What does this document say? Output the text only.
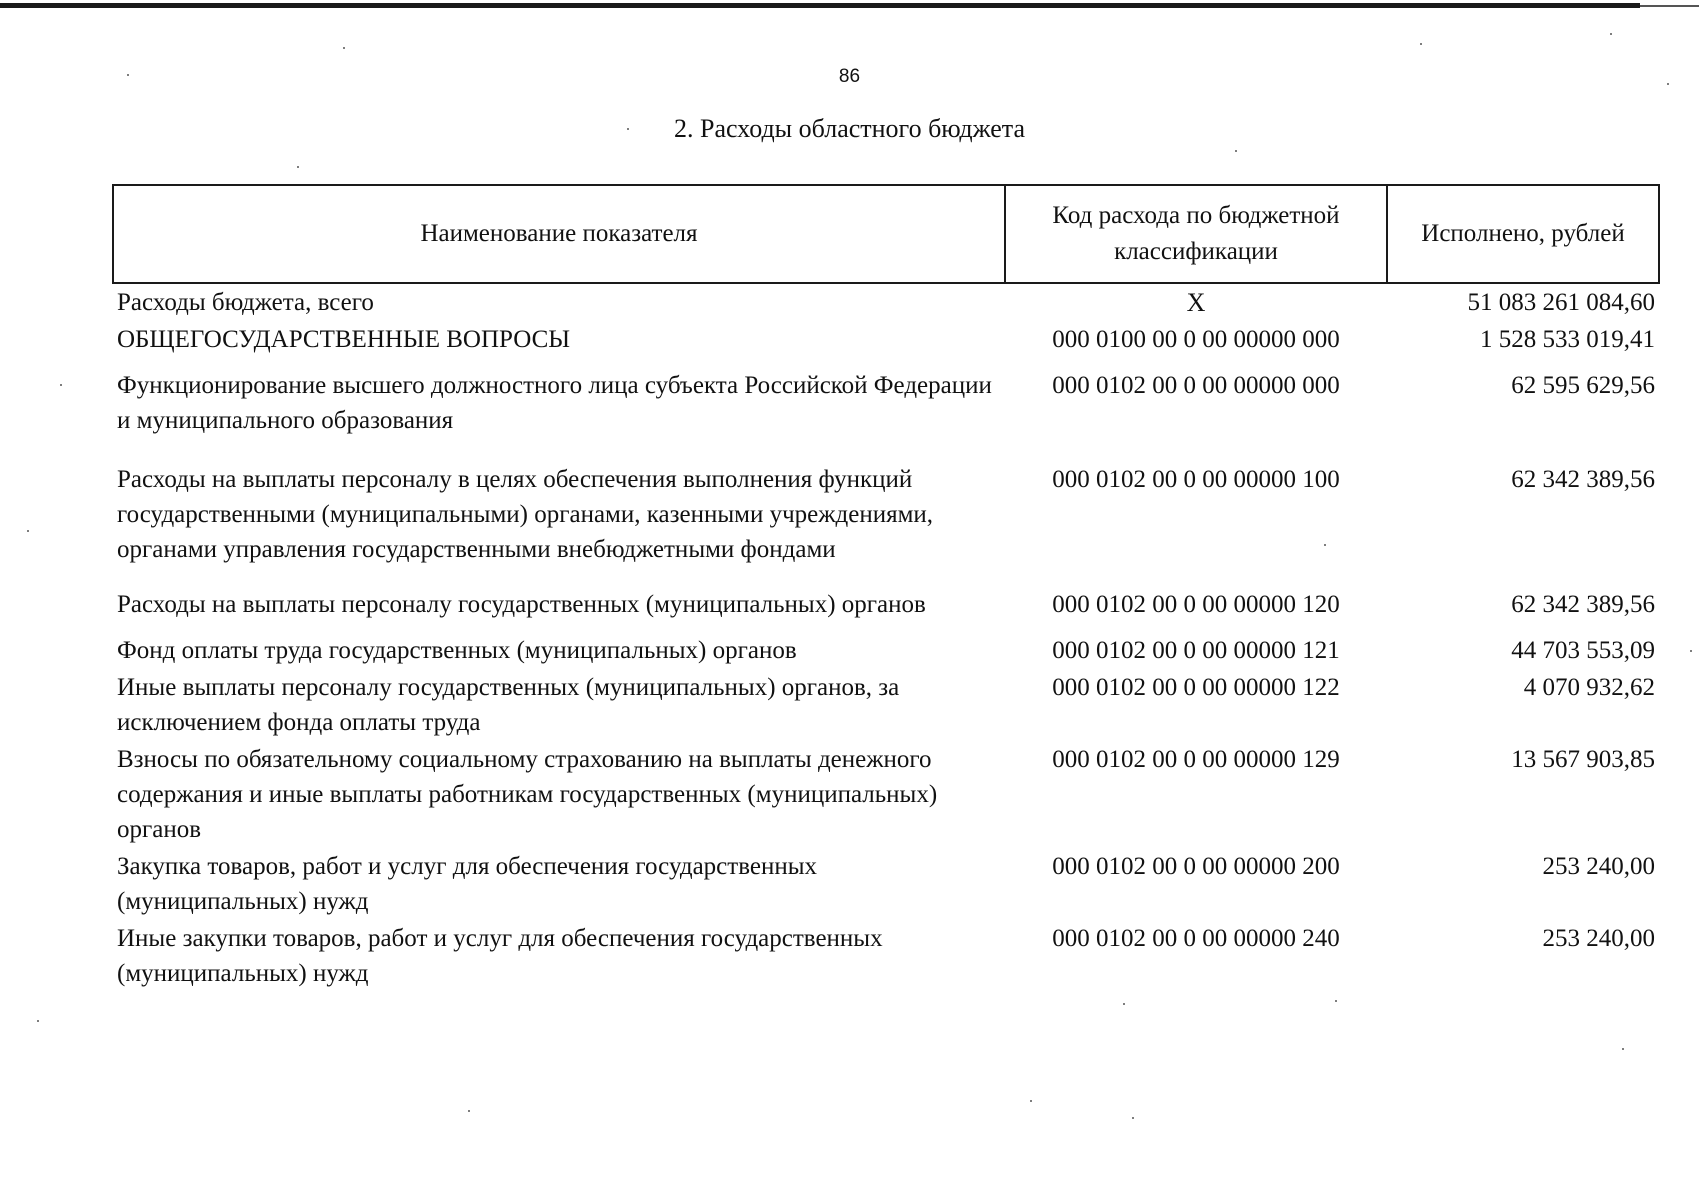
86
2. Расходы областного бюджета
Наименование показателя	Код расхода по бюджетной классификации	Исполнено, рублей
Расходы бюджета, всего	X	51 083 261 084,60
ОБЩЕГОСУДАРСТВЕННЫЕ ВОПРОСЫ	000 0100 00 0 00 00000 000	1 528 533 019,41
Функционирование высшего должностного лица субъекта Российской Федерации и муниципального образования	000 0102 00 0 00 00000 000	62 595 629,56
Расходы на выплаты персоналу в целях обеспечения выполнения функций государственными (муниципальными) органами, казенными учреждениями, органами управления государственными внебюджетными фондами	000 0102 00 0 00 00000 100	62 342 389,56
Расходы на выплаты персоналу государственных (муниципальных) органов	000 0102 00 0 00 00000 120	62 342 389,56
Фонд оплаты труда государственных (муниципальных) органов	000 0102 00 0 00 00000 121	44 703 553,09
Иные выплаты персоналу государственных (муниципальных) органов, за исключением фонда оплаты труда	000 0102 00 0 00 00000 122	4 070 932,62
Взносы по обязательному социальному страхованию на выплаты денежного содержания и иные выплаты работникам государственных (муниципальных) органов	000 0102 00 0 00 00000 129	13 567 903,85
Закупка товаров, работ и услуг для обеспечения государственных (муниципальных) нужд	000 0102 00 0 00 00000 200	253 240,00
Иные закупки товаров, работ и услуг для обеспечения государственных (муниципальных) нужд	000 0102 00 0 00 00000 240	253 240,00
